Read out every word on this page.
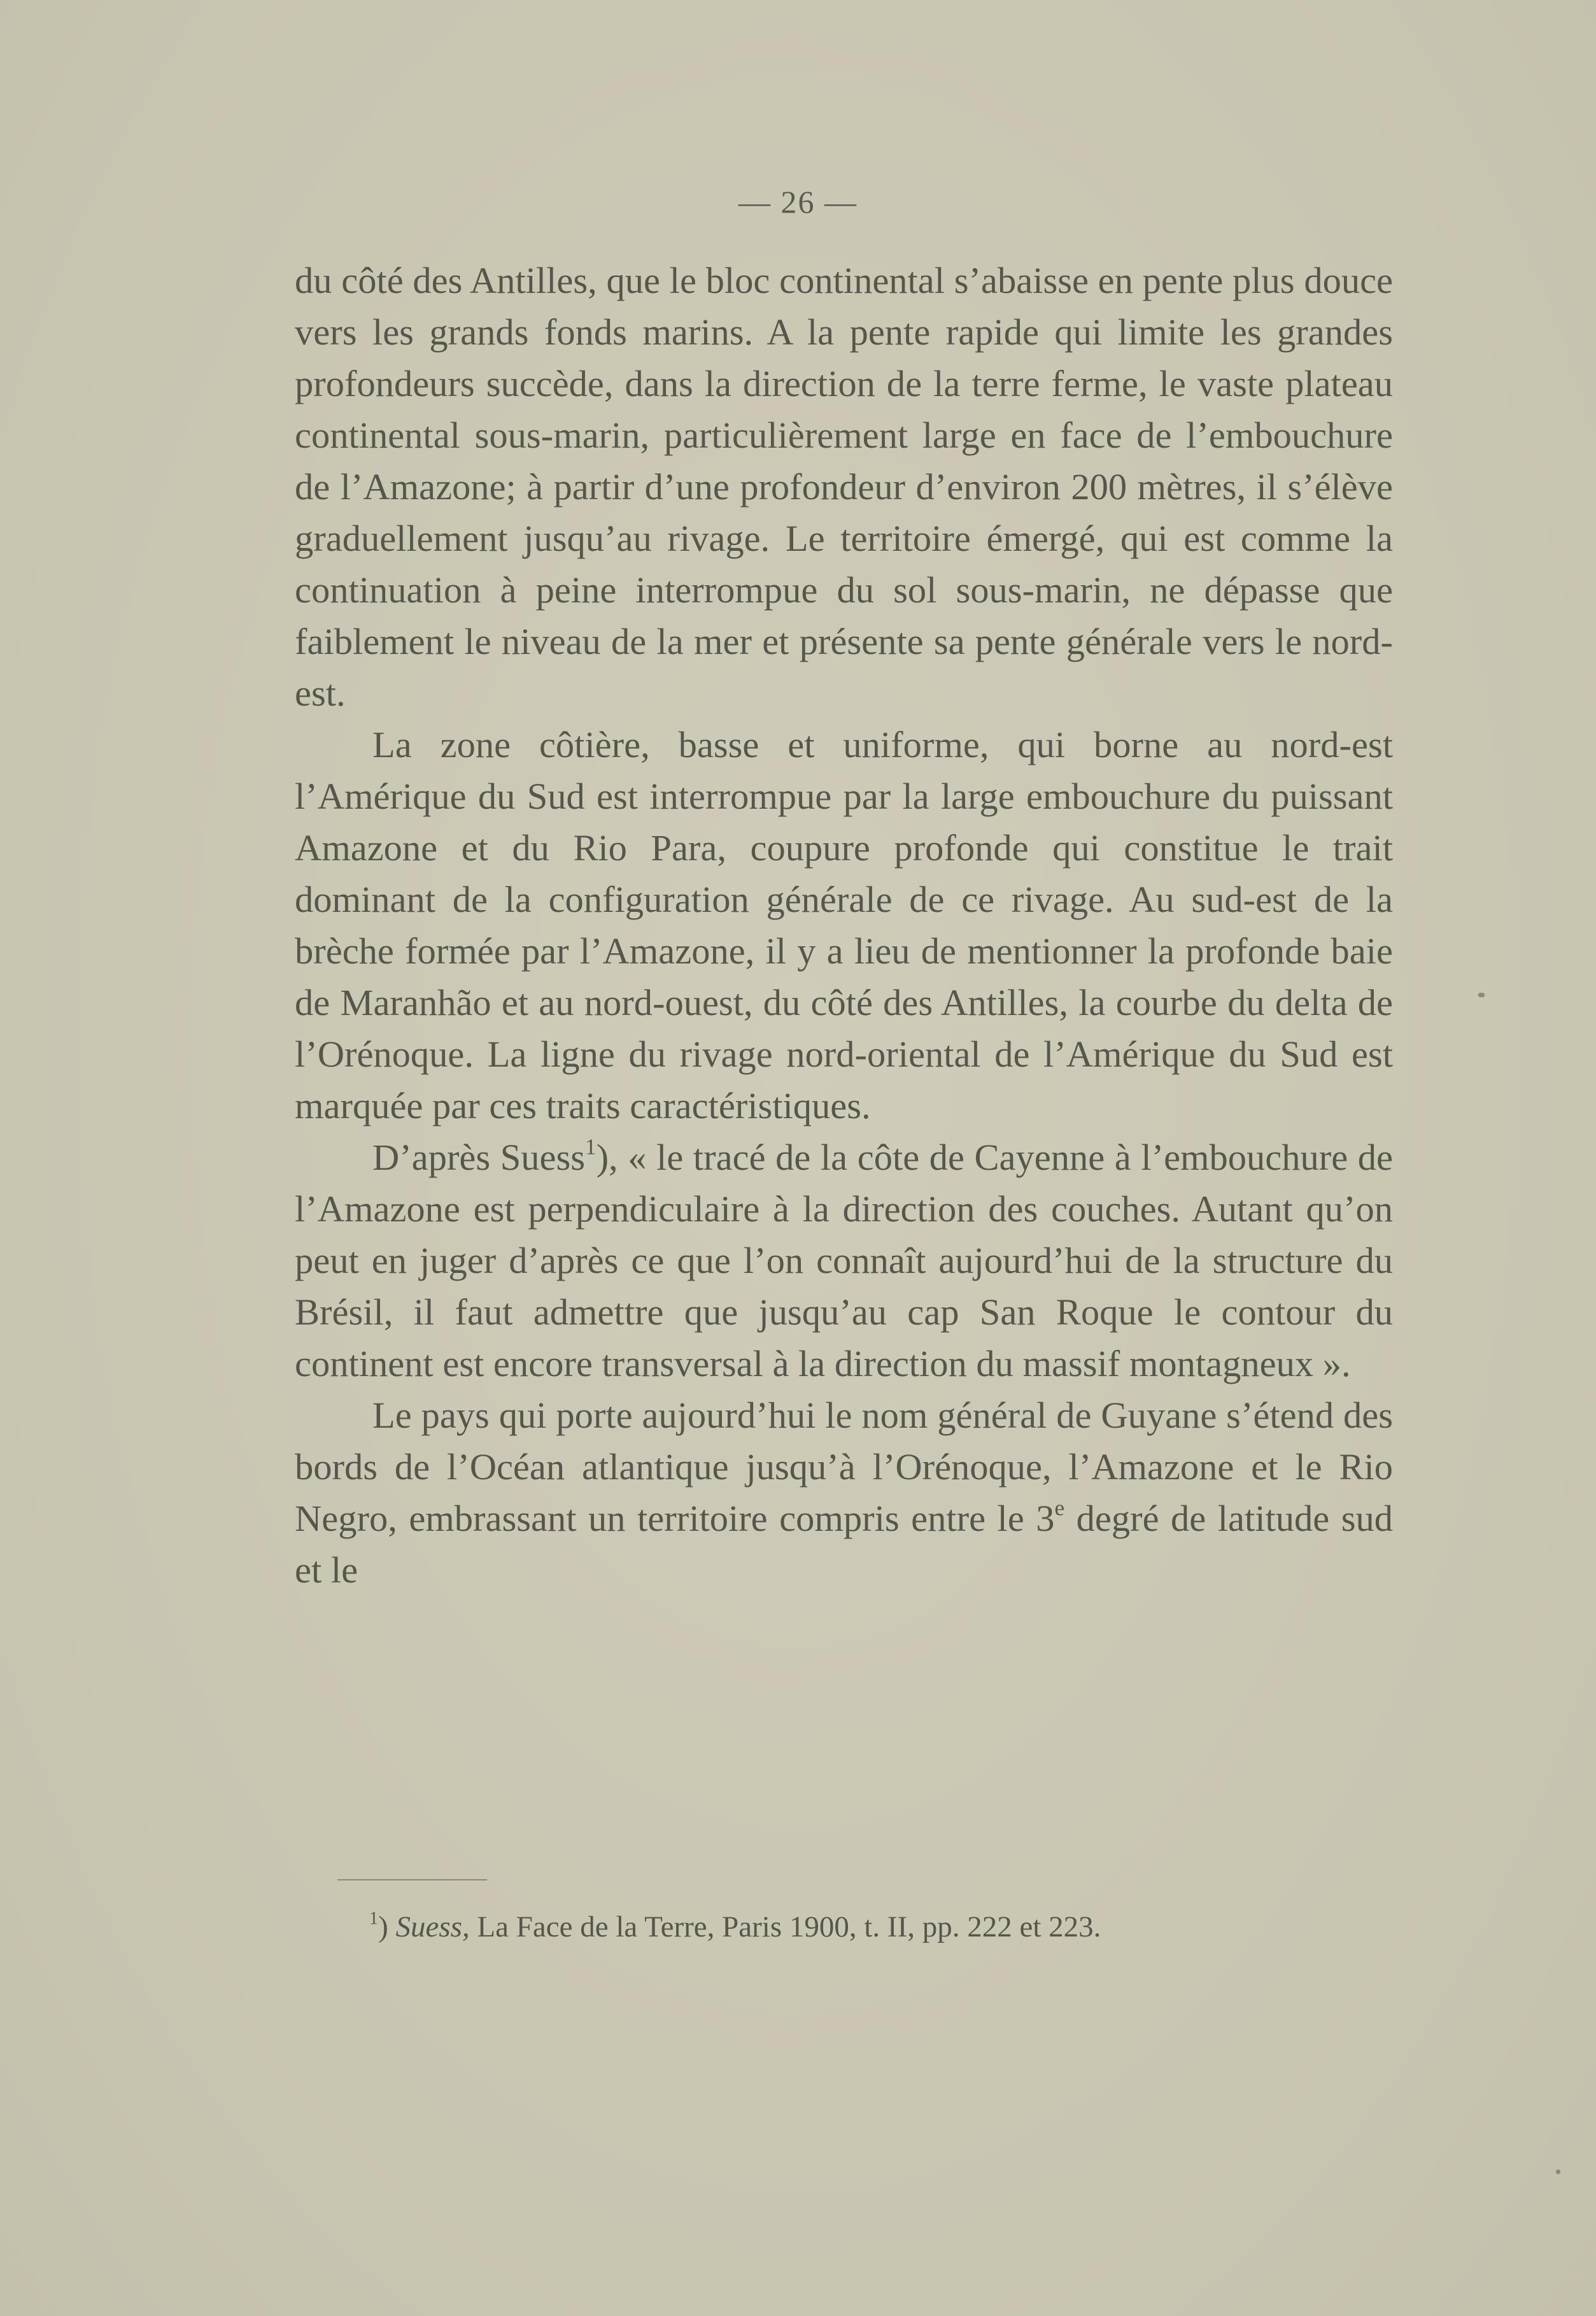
— 26 —

du côté des Antilles, que le bloc continental s’abaisse en pente plus douce vers les grands fonds marins. A la pente rapide qui limite les grandes profondeurs succède, dans la direction de la terre ferme, le vaste plateau continental sous-marin, particulièrement large en face de l’embouchure de l’Amazone; à partir d’une profondeur d’environ 200 mètres, il s’élève graduellement jusqu’au rivage. Le territoire émergé, qui est comme la continuation à peine interrompue du sol sous-marin, ne dépasse que faiblement le niveau de la mer et présente sa pente générale vers le nord-est.

La zone côtière, basse et uniforme, qui borne au nord-est l’Amérique du Sud est interrompue par la large embouchure du puissant Amazone et du Rio Para, coupure profonde qui constitue le trait dominant de la configuration générale de ce rivage. Au sud-est de la brèche formée par l’Amazone, il y a lieu de mentionner la profonde baie de Maranhão et au nord-ouest, du côté des Antilles, la courbe du delta de l’Orénoque. La ligne du rivage nord-oriental de l’Amérique du Sud est marquée par ces traits caractéristiques.

D’après Suess$^1$), « le tracé de la côte de Cayenne à l’embouchure de l’Amazone est perpendiculaire à la direction des couches. Autant qu’on peut en juger d’après ce que l’on connaît aujourd’hui de la structure du Brésil, il faut admettre que jusqu’au cap San Roque le contour du continent est encore transversal à la direction du massif montagneux ».

Le pays qui porte aujourd’hui le nom général de Guyane s’étend des bords de l’Océan atlantique jusqu’à l’Orénoque, l’Amazone et le Rio Negro, embrassant un territoire compris entre le 3e degré de latitude sud et le

$^1$) Suess, La Face de la Terre, Paris 1900, t. II, pp. 222 et 223.
